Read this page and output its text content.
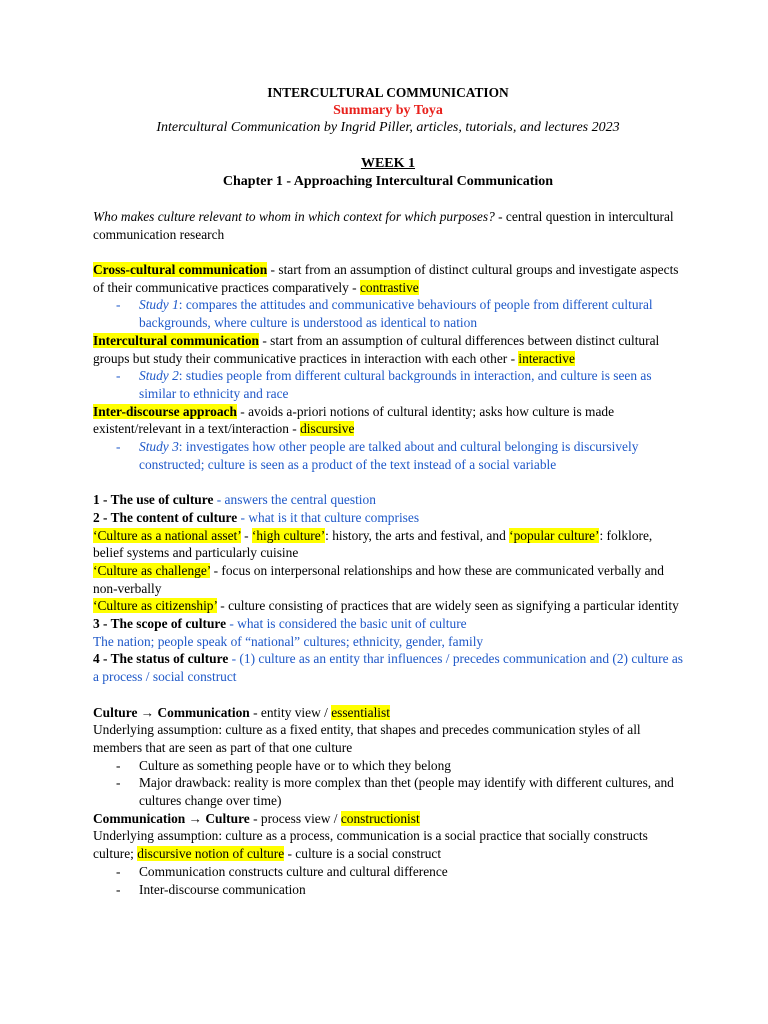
INTERCULTURAL COMMUNICATION
Summary by Toya
Intercultural Communication by Ingrid Piller, articles, tutorials, and lectures 2023
WEEK 1
Chapter 1 - Approaching Intercultural Communication

Who makes culture relevant to whom in which context for which purposes? - central question in intercultural communication research

Cross-cultural communication - start from an assumption of distinct cultural groups and investigate aspects of their communicative practices comparatively - contrastive

- Study 1: compares the attitudes and communicative behaviours of people from different cultural backgrounds, where culture is understood as identical to nation

Intercultural communication - start from an assumption of cultural differences between distinct cultural groups but study their communicative practices in interaction with each other - interactive

- Study 2: studies people from different cultural backgrounds in interaction, and culture is seen as similar to ethnicity and race

Inter-discourse approach - avoids a-priori notions of cultural identity; asks how culture is made existent/relevant in a text/interaction - discursive

- Study 3: investigates how other people are talked about and cultural belonging is discursively constructed; culture is seen as a product of the text instead of a social variable

1 - The use of culture - answers the central question

2 - The content of culture - what is it that culture comprises

‘Culture as a national asset’ - ‘high culture’: history, the arts and festival, and ‘popular culture’: folklore, belief systems and particularly cuisine

‘Culture as challenge’ - focus on interpersonal relationships and how these are communicated verbally and non-verbally

‘Culture as citizenship’ - culture consisting of practices that are widely seen as signifying a particular identity

3 - The scope of culture - what is considered the basic unit of culture

The nation; people speak of “national” cultures; ethnicity, gender, family

4 - The status of culture - (1) culture as an entity thar influences / precedes communication and (2) culture as a process / social construct

Culture → Communication - entity view / essentialist

Underlying assumption: culture as a fixed entity, that shapes and precedes communication styles of all members that are seen as part of that one culture

- Culture as something people have or to which they belong
- Major drawback: reality is more complex than thet (people may identify with different cultures, and cultures change over time)

Communication → Culture - process view / constructionist

Underlying assumption: culture as a process, communication is a social practice that socially constructs culture; discursive notion of culture - culture is a social construct

- Communication constructs culture and cultural difference
- Inter-discourse communication
